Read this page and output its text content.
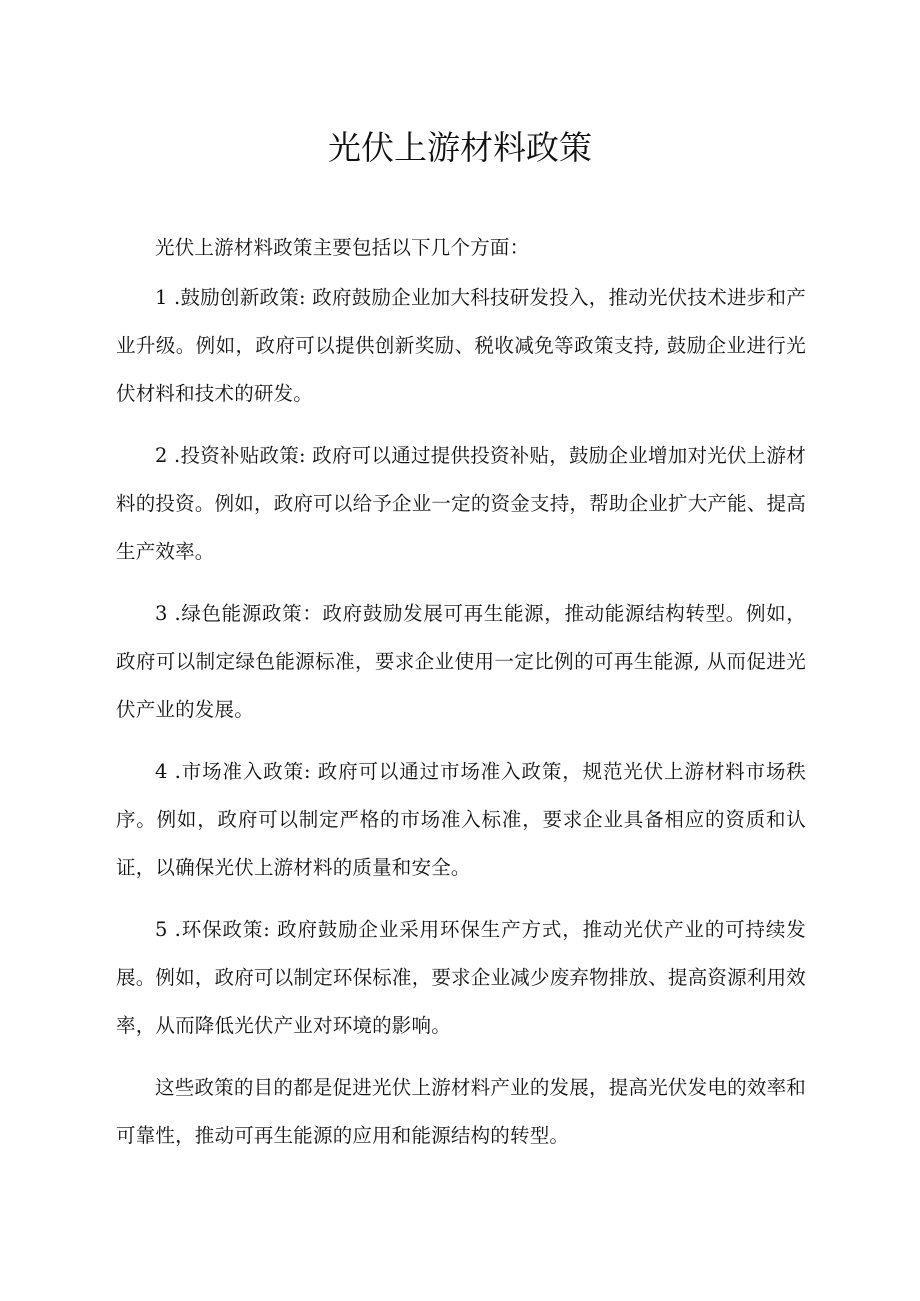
光伏上游材料政策

光伏上游材料政策主要包括以下几个方面：

1 .鼓励创新政策: 政府鼓励企业加大科技研发投入，推动光伏技术进步和产业升级。例如，政府可以提供创新奖励、税收减免等政策支持, 鼓励企业进行光伏材料和技术的研发。

2 .投资补贴政策: 政府可以通过提供投资补贴，鼓励企业增加对光伏上游材料的投资。例如，政府可以给予企业一定的资金支持，帮助企业扩大产能、提高生产效率。

3 .绿色能源政策：政府鼓励发展可再生能源，推动能源结构转型。例如，政府可以制定绿色能源标准，要求企业使用一定比例的可再生能源, 从而促进光伏产业的发展。

4 .市场准入政策: 政府可以通过市场准入政策，规范光伏上游材料市场秩序。例如，政府可以制定严格的市场准入标准，要求企业具备相应的资质和认证，以确保光伏上游材料的质量和安全。

5 .环保政策: 政府鼓励企业采用环保生产方式，推动光伏产业的可持续发展。例如，政府可以制定环保标准，要求企业减少废弃物排放、提高资源利用效率，从而降低光伏产业对环境的影响。

这些政策的目的都是促进光伏上游材料产业的发展，提高光伏发电的效率和可靠性，推动可再生能源的应用和能源结构的转型。
